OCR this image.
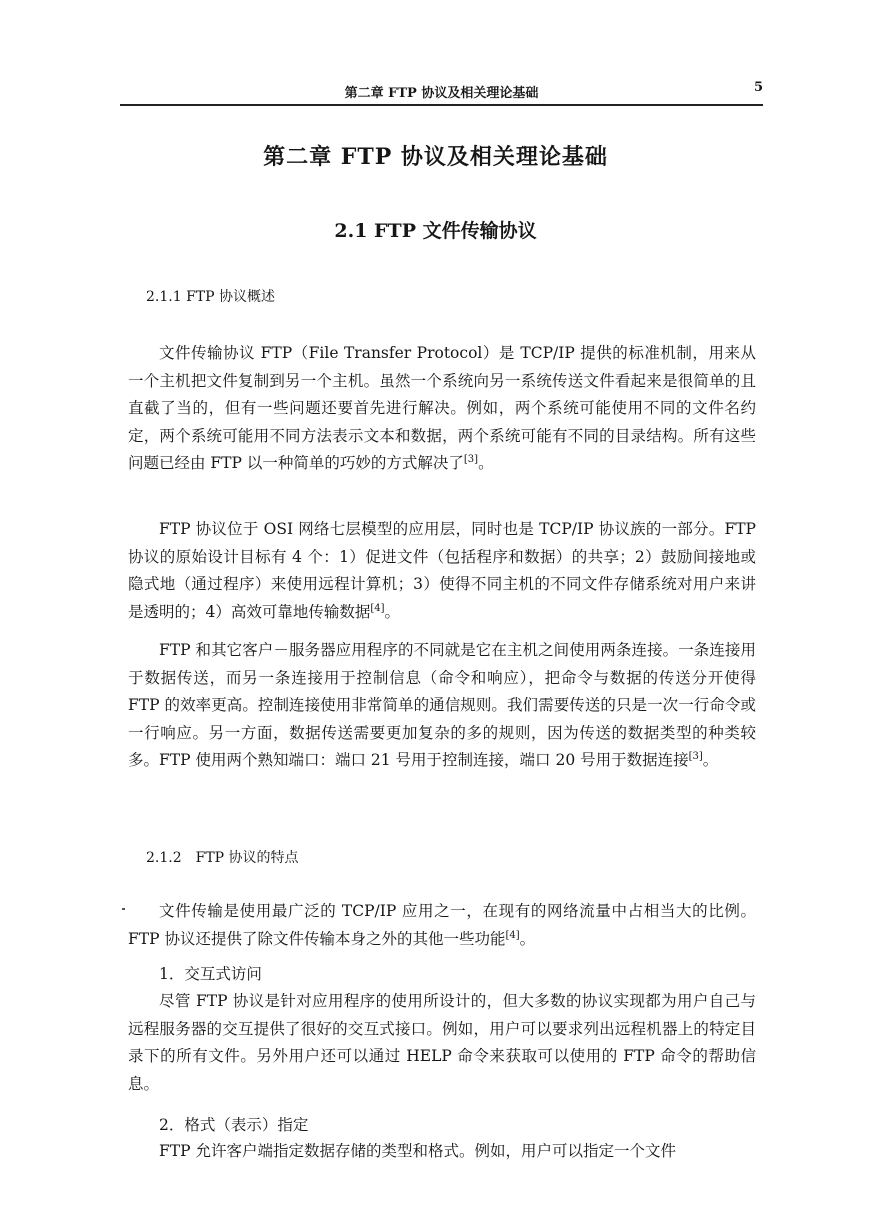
第二章 FTP 协议及相关理论基础	5
第二章 FTP 协议及相关理论基础
2.1 FTP 文件传输协议
2.1.1 FTP 协议概述
文件传输协议 FTP（File Transfer Protocol）是 TCP/IP 提供的标准机制，用来从一个主机把文件复制到另一个主机。虽然一个系统向另一系统传送文件看起来是很简单的且直截了当的，但有一些问题还要首先进行解决。例如，两个系统可能使用不同的文件名约定，两个系统可能用不同方法表示文本和数据，两个系统可能有不同的目录结构。所有这些问题已经由 FTP 以一种简单的巧妙的方式解决了[3]。
FTP 协议位于 OSI 网络七层模型的应用层，同时也是 TCP/IP 协议族的一部分。FTP 协议的原始设计目标有 4 个：1）促进文件（包括程序和数据）的共享；2）鼓励间接地或隐式地（通过程序）来使用远程计算机；3）使得不同主机的不同文件存储系统对用户来讲是透明的；4）高效可靠地传输数据[4]。
FTP 和其它客户－服务器应用程序的不同就是它在主机之间使用两条连接。一条连接用于数据传送，而另一条连接用于控制信息（命令和响应），把命令与数据的传送分开使得 FTP 的效率更高。控制连接使用非常简单的通信规则。我们需要传送的只是一次一行命令或一行响应。另一方面，数据传送需要更加复杂的多的规则，因为传送的数据类型的种类较多。FTP 使用两个熟知端口：端口 21 号用于控制连接，端口 20 号用于数据连接[3]。
2.1.2　FTP 协议的特点
文件传输是使用最广泛的 TCP/IP 应用之一，在现有的网络流量中占相当大的比例。FTP 协议还提供了除文件传输本身之外的其他一些功能[4]。
1．交互式访问
尽管 FTP 协议是针对应用程序的使用所设计的，但大多数的协议实现都为用户自己与远程服务器的交互提供了很好的交互式接口。例如，用户可以要求列出远程机器上的特定目录下的所有文件。另外用户还可以通过 HELP 命令来获取可以使用的 FTP 命令的帮助信息。
2．格式（表示）指定
FTP 允许客户端指定数据存储的类型和格式。例如，用户可以指定一个文件
